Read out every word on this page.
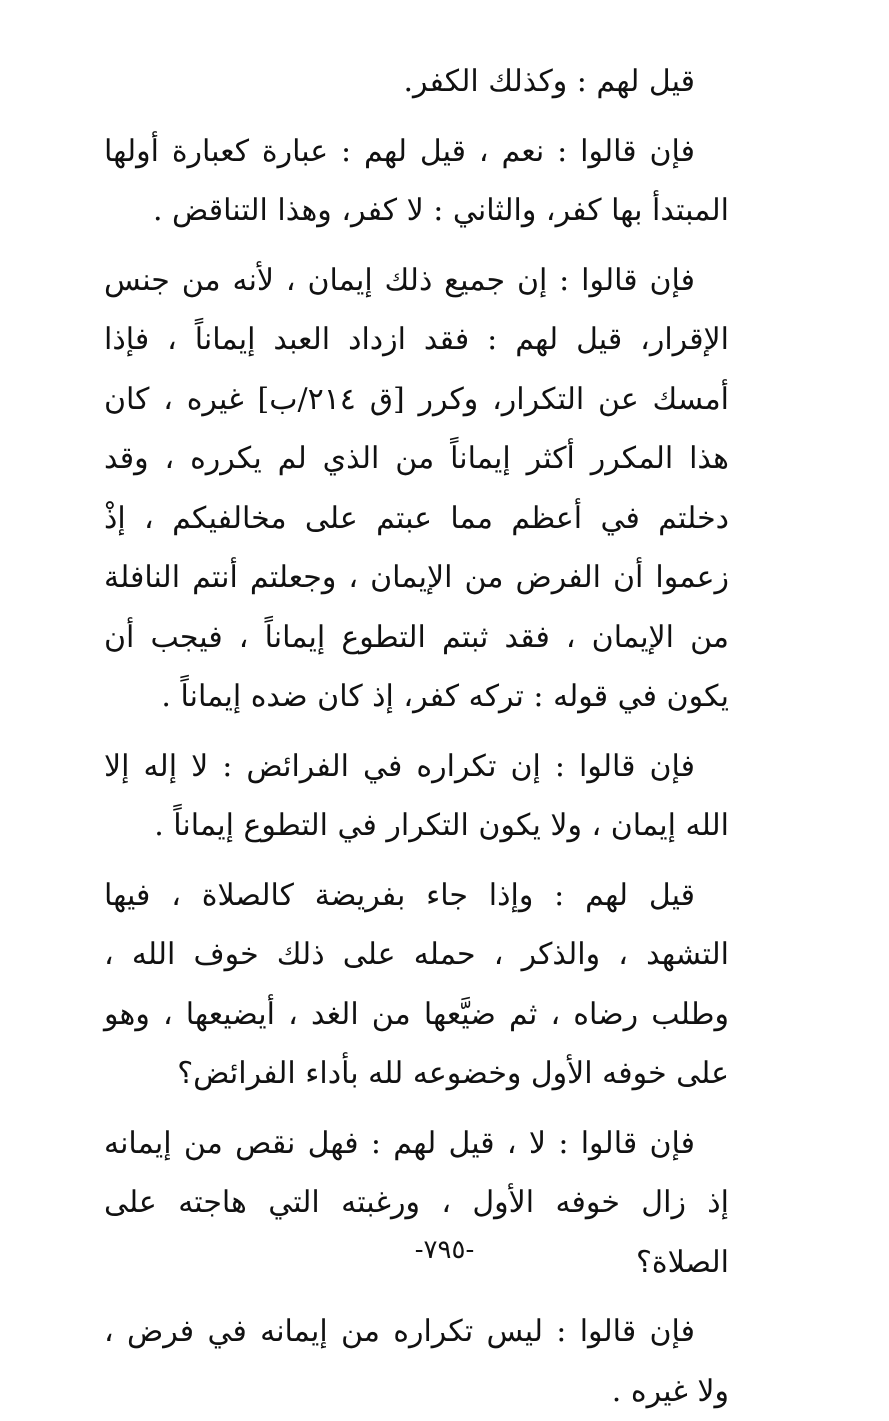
قيل لهم : وكذلك الكفر.

فإن قالوا : نعم ، قيل لهم : عبارة كعبارة أولها المبتدأ بها كفر، والثاني : لا كفر، وهذا التناقض .

فإن قالوا : إن جميع ذلك إيمان ، لأنه من جنس الإقرار، قيل لهم : فقد ازداد العبد إيماناً ، فإذا أمسك عن التكرار، وكرر [ق ٢١٤/ب] غيره ، كان هذا المكرر أكثر إيماناً من الذي لم يكرره ، وقد دخلتم في أعظم مما عبتم على مخالفيكم ، إذْ زعموا أن الفرض من الإيمان ، وجعلتم أنتم النافلة من الإيمان ، فقد ثبتم التطوع إيماناً ، فيجب أن يكون في قوله : تركه كفر، إذ كان ضده إيماناً .

فإن قالوا : إن تكراره في الفرائض : لا إله إلا الله إيمان ، ولا يكون التكرار في التطوع إيماناً .

قيل لهم : وإذا جاء بفريضة كالصلاة ، فيها التشهد ، والذكر ، حمله على ذلك خوف الله ، وطلب رضاه ، ثم ضيَّعها من الغد ، أيضيعها ، وهو على خوفه الأول وخضوعه لله بأداء الفرائض؟

فإن قالوا : لا ، قيل لهم : فهل نقص من إيمانه إذ زال خوفه الأول ، ورغبته التي هاجته على الصلاة؟

فإن قالوا : ليس تكراره من إيمانه في فرض ، ولا غيره .

-٧٩٥-
